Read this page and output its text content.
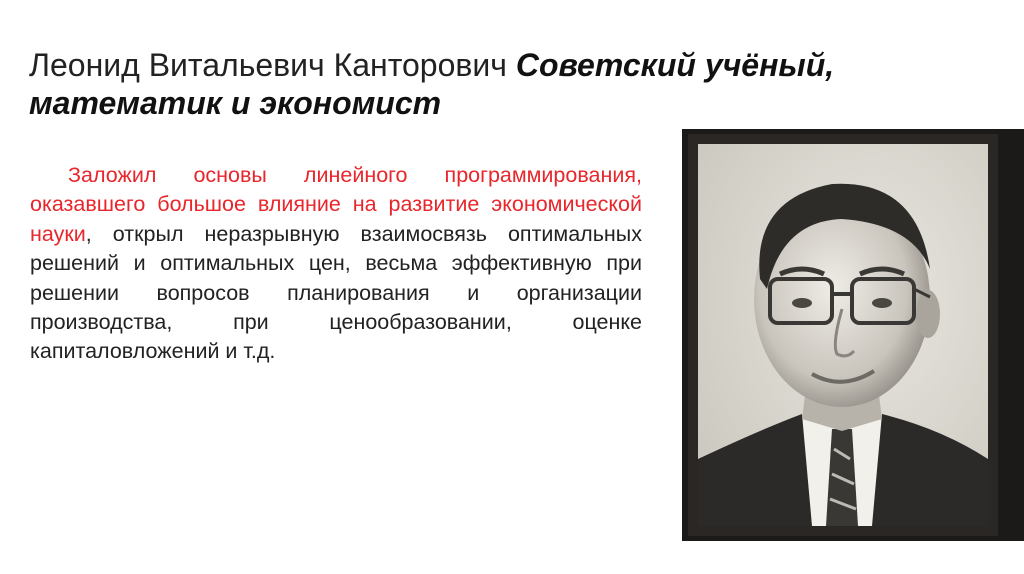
Леонид Витальевич Канторович Советский учёный, математик и экономист

Заложил основы линейного программирования, оказавшего большое влияние на развитие экономической науки, открыл неразрывную взаимосвязь оптимальных решений и оптимальных цен, весьма эффективную при решении вопросов планирования и организации производства, при ценообразовании, оценке капиталовложений и т.д.
